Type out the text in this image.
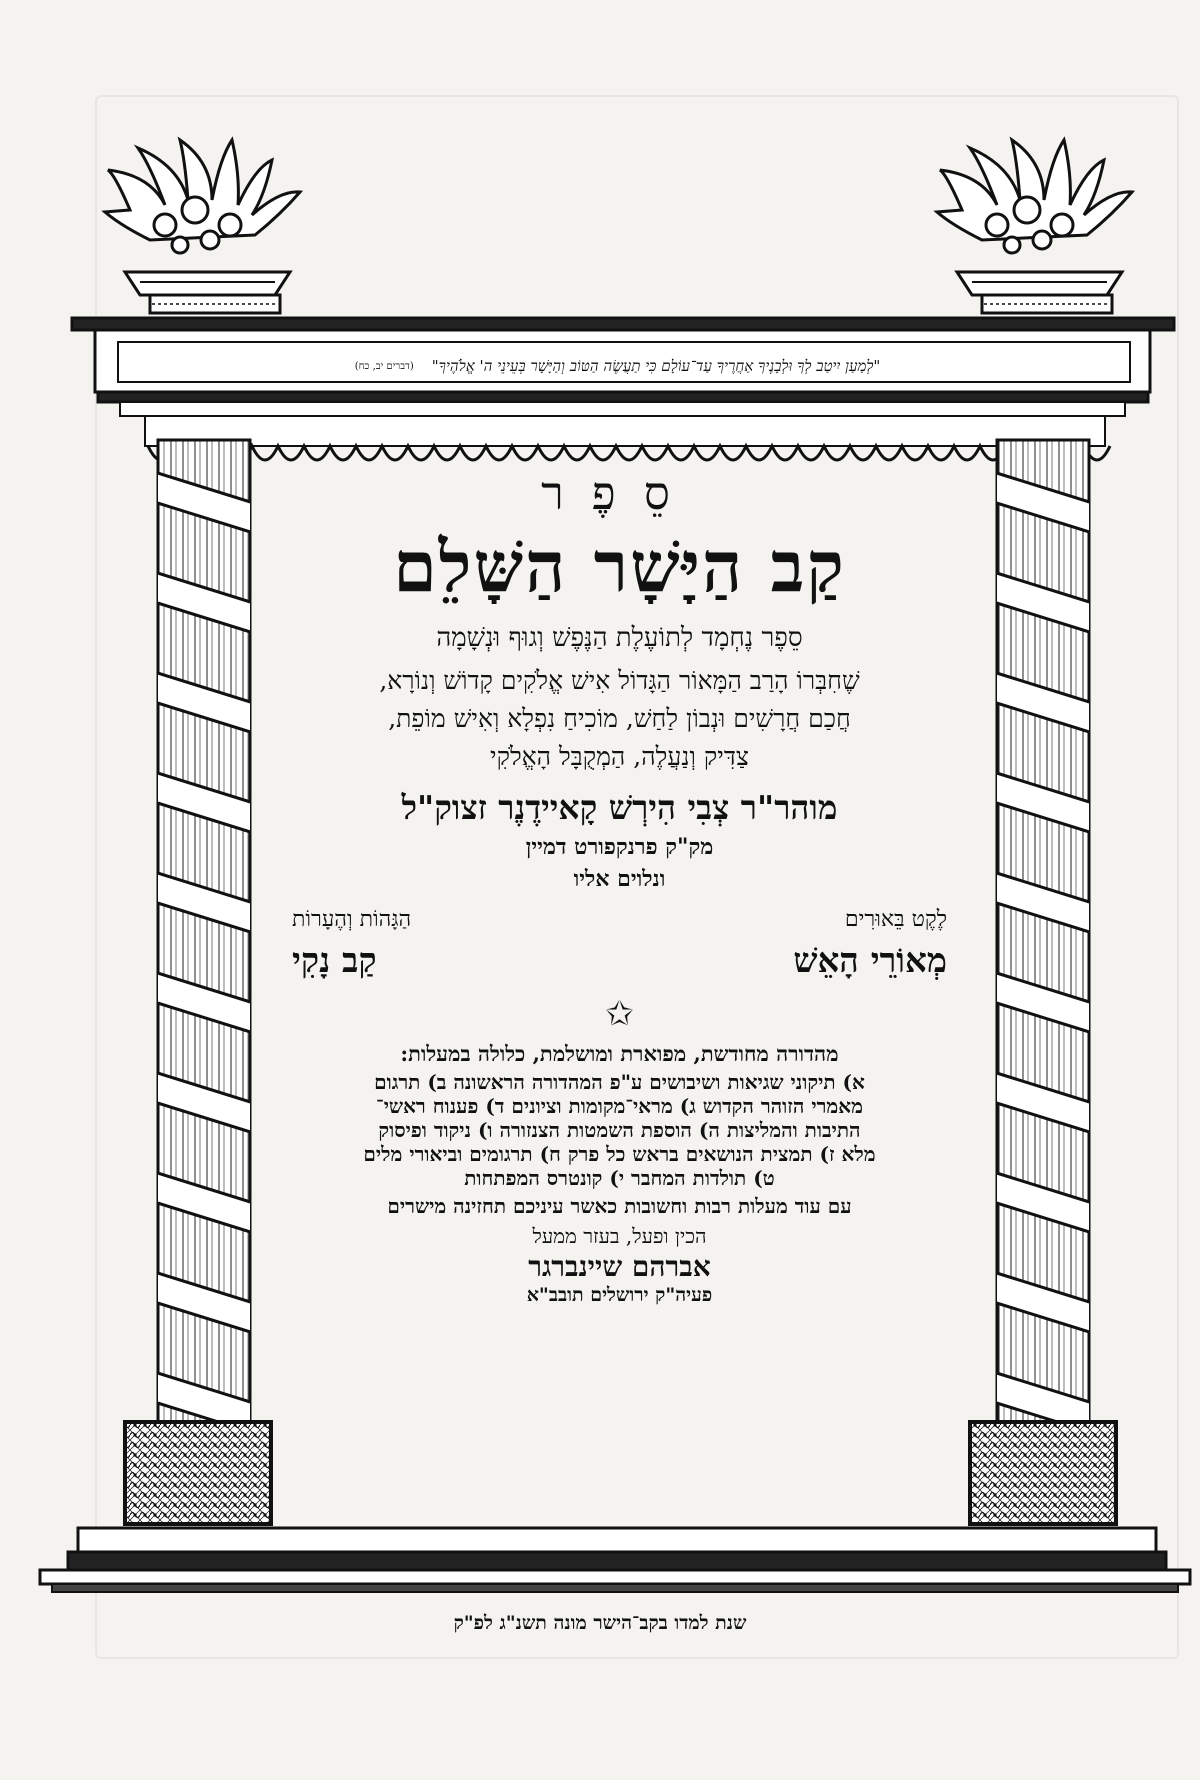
"לְמַעַן יִיטַב לְךָ וּלְבָנֶיךָ אַחֲרֶיךָ עַד־עוֹלָם כִּי תַעֲשֶׂה הַטּוֹב וְהַיָּשָׁר בְּעֵינֵי ה' אֱלֹהֶיךָ"
(דברים יב, כח)
סֵפֶר
קַב הַיָּשָׁר הַשָּׁלֵם
סֵפֶר נֶחְמָד לְתוֹעֶלֶת הַנֶּפֶשׁ וְגוּף וּנְשָׁמָה
שֶׁחִבְּרוֹ הָרַב הַמָּאוֹר הַגָּדוֹל אִישׁ אֱלֹקִים קָדוֹשׁ וְנוֹרָא,
חֲכַם חֲרָשִׁים וּנְבוֹן לַחַשׁ, מוֹכִיחַ נִפְלָא וְאִישׁ מוֹפֵת,
צַדִּיק וְנַעֲלֶה, הַמְקֻבָּל הָאֱלֹקִי
מוהר"ר צְבִי הִירְשׁ קָאיידֶנֶר זצוק"ל
מק"ק פרנקפורט דמיין
ונלוים אליו
לֶקֶט בֵּאוּרִים
הַגָּהוֹת וְהֶעָרוֹת
מְאוֹרֵי הָאֵשׁ
קַב נָקִי
✩
מהדורה מחודשת, מפוארת ומושלמת, כלולה במעלות:
א) תיקוני שגיאות ושיבושים ע"פ המהדורה הראשונה ב) תרגום
מאמרי הזוהר הקדוש ג) מראי־מקומות וציונים ד) פענוח ראשי־
התיבות והמליצות ה) הוספת השמטות הצנזורה ו) ניקוד ופיסוק
מלא ז) תמצית הנושאים בראש כל פרק ח) תרגומים וביאורי מלים
ט) תולדות המחבר י) קונטרס המפתחות
עם עוד מעלות רבות וחשובות כאשר עיניכם תחזינה מישרים
הכין ופעל, בעזר ממעל
אברהם שיינברגר
פעיה"ק ירושלים תובב"א
שנת למדו בקב־הישר מונה תשנ"ג לפ"ק
